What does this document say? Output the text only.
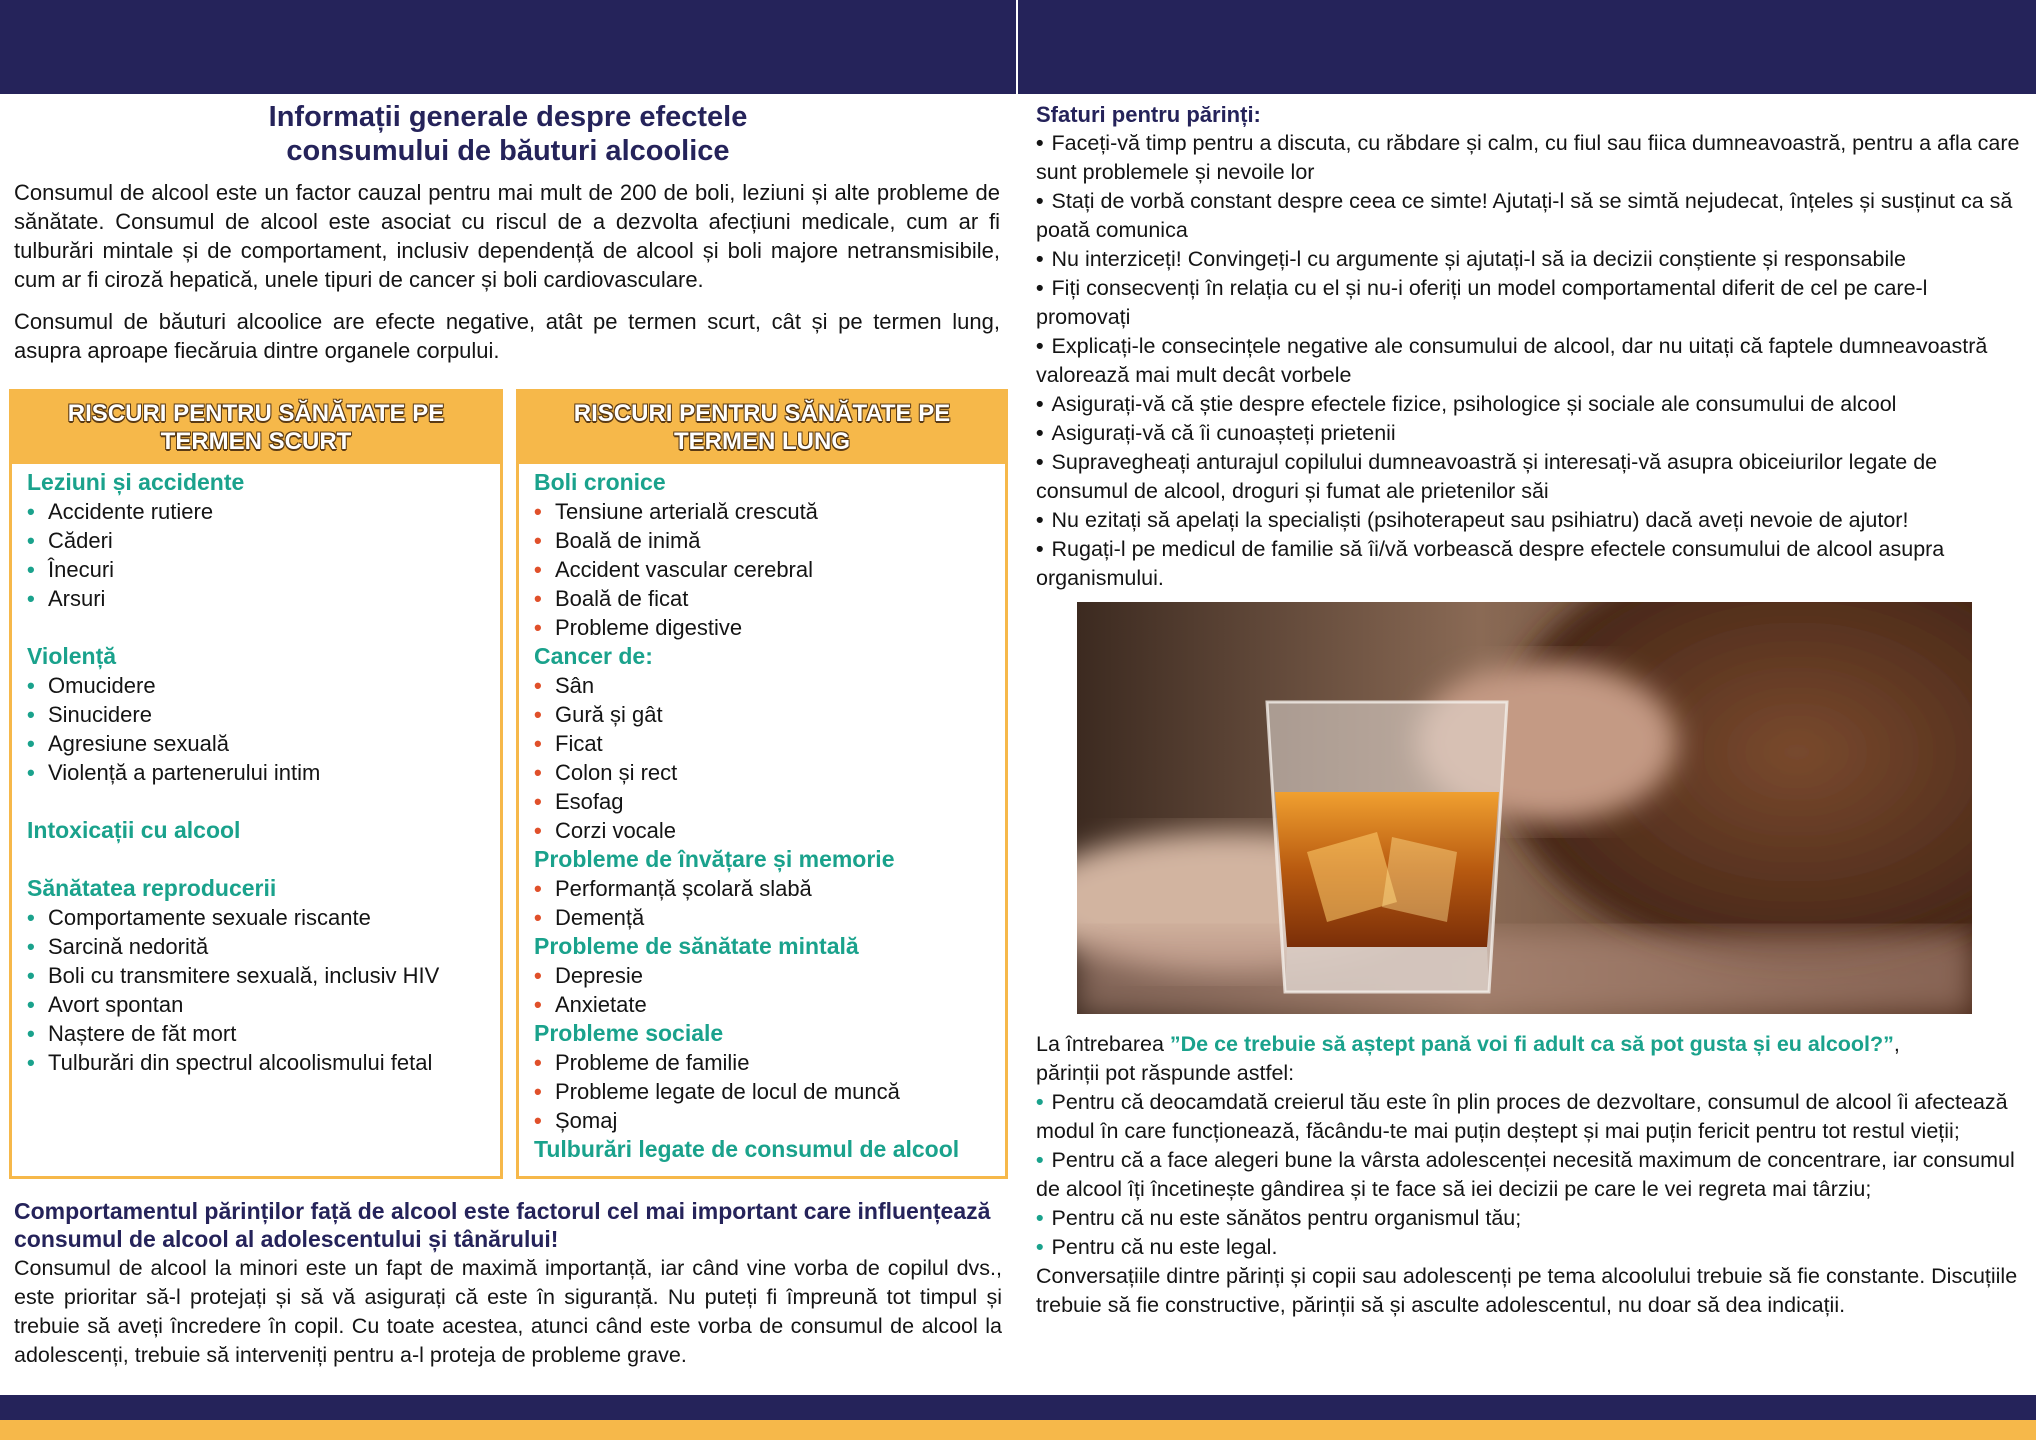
Informații generale despre efectele
consumului de băuturi alcoolice

Consumul de alcool este un factor cauzal pentru mai mult de 200 de boli, leziuni și alte probleme de sănătate. Consumul de alcool este asociat cu riscul de a dezvolta afecțiuni medicale, cum ar fi tulburări mintale și de comportament, inclusiv dependență de alcool și boli majore netransmisibile, cum ar fi ciroză hepatică, unele tipuri de cancer și boli cardiovasculare.

Consumul de băuturi alcoolice are efecte negative, atât pe termen scurt, cât și pe termen lung, asupra aproape fiecăruia dintre organele corpului.

RISCURI PENTRU SĂNĂTATE PE
TERMEN SCURT
Leziuni și accidente
• Accidente rutiere
• Căderi
• Înecuri
• Arsuri
Violență
• Omucidere
• Sinucidere
• Agresiune sexuală
• Violență a partenerului intim
Intoxicații cu alcool
Sănătatea reproducerii
• Comportamente sexuale riscante
• Sarcină nedorită
• Boli cu transmitere sexuală, inclusiv HIV
• Avort spontan
• Naștere de făt mort
• Tulburări din spectrul alcoolismului fetal
RISCURI PENTRU SĂNĂTATE PE
TERMEN LUNG
Boli cronice
• Tensiune arterială crescută
• Boală de inimă
• Accident vascular cerebral
• Boală de ficat
• Probleme digestive
Cancer de:
• Sân
• Gură și gât
• Ficat
• Colon și rect
• Esofag
• Corzi vocale
Probleme de învățare și memorie
• Performanță școlară slabă
• Demență
Probleme de sănătate mintală
• Depresie
• Anxietate
Probleme sociale
• Probleme de familie
• Probleme legate de locul de muncă
• Șomaj
Tulburări legate de consumul de alcool
Comportamentul părinților față de alcool este factorul cel mai important care influențează consumul de alcool al adolescentului și tânărului!
Consumul de alcool la minori este un fapt de maximă importanță, iar când vine vorba de copilul dvs., este prioritar să-l protejați și să vă asigurați că este în siguranță. Nu puteți fi împreună tot timpul și trebuie să aveți încredere în copil. Cu toate acestea, atunci când este vorba de consumul de alcool la adolescenți, trebuie să interveniți pentru a-l proteja de probleme grave.
Sfaturi pentru părinți:
• Faceți-vă timp pentru a discuta, cu răbdare și calm, cu fiul sau fiica dumneavoastră, pentru a afla care sunt problemele și nevoile lor
• Stați de vorbă constant despre ceea ce simte! Ajutați-l să se simtă nejudecat, înțeles și susținut ca să poată comunica
• Nu interziceți! Convingeți-l cu argumente și ajutați-l să ia decizii conștiente și responsabile
• Fiți consecvenți în relația cu el și nu-i oferiți un model comportamental diferit de cel pe care-l promovați
• Explicați-le consecințele negative ale consumului de alcool, dar nu uitați că faptele dumneavoastră valorează mai mult decât vorbele
• Asigurați-vă că știe despre efectele fizice, psihologice și sociale ale consumului de alcool
• Asigurați-vă că îi cunoașteți prietenii
• Supravegheați anturajul copilului dumneavoastră și interesați-vă asupra obiceiurilor legate de consumul de alcool, droguri și fumat ale prietenilor săi
• Nu ezitați să apelați la specialiști (psihoterapeut sau psihiatru) dacă aveți nevoie de ajutor!
• Rugați-l pe medicul de familie să îi/vă vorbească despre efectele consumului de alcool asupra organismului.
La întrebarea ”De ce trebuie să aștept pană voi fi adult ca să pot gusta și eu alcool?”,
părinții pot răspunde astfel:
• Pentru că deocamdată creierul tău este în plin proces de dezvoltare, consumul de alcool îi afectează modul în care funcționează, făcându-te mai puțin deștept și mai puțin fericit pentru tot restul vieții;
• Pentru că a face alegeri bune la vârsta adolescenței necesită maximum de concentrare, iar consumul de alcool îți încetinește gândirea și te face să iei decizii pe care le vei regreta mai târziu;
• Pentru că nu este sănătos pentru organismul tău;
• Pentru că nu este legal.
Conversațiile dintre părinți și copii sau adolescenți pe tema alcoolului trebuie să fie constante. Discuțiile trebuie să fie constructive, părinții să și asculte adolescentul, nu doar să dea indicații.
